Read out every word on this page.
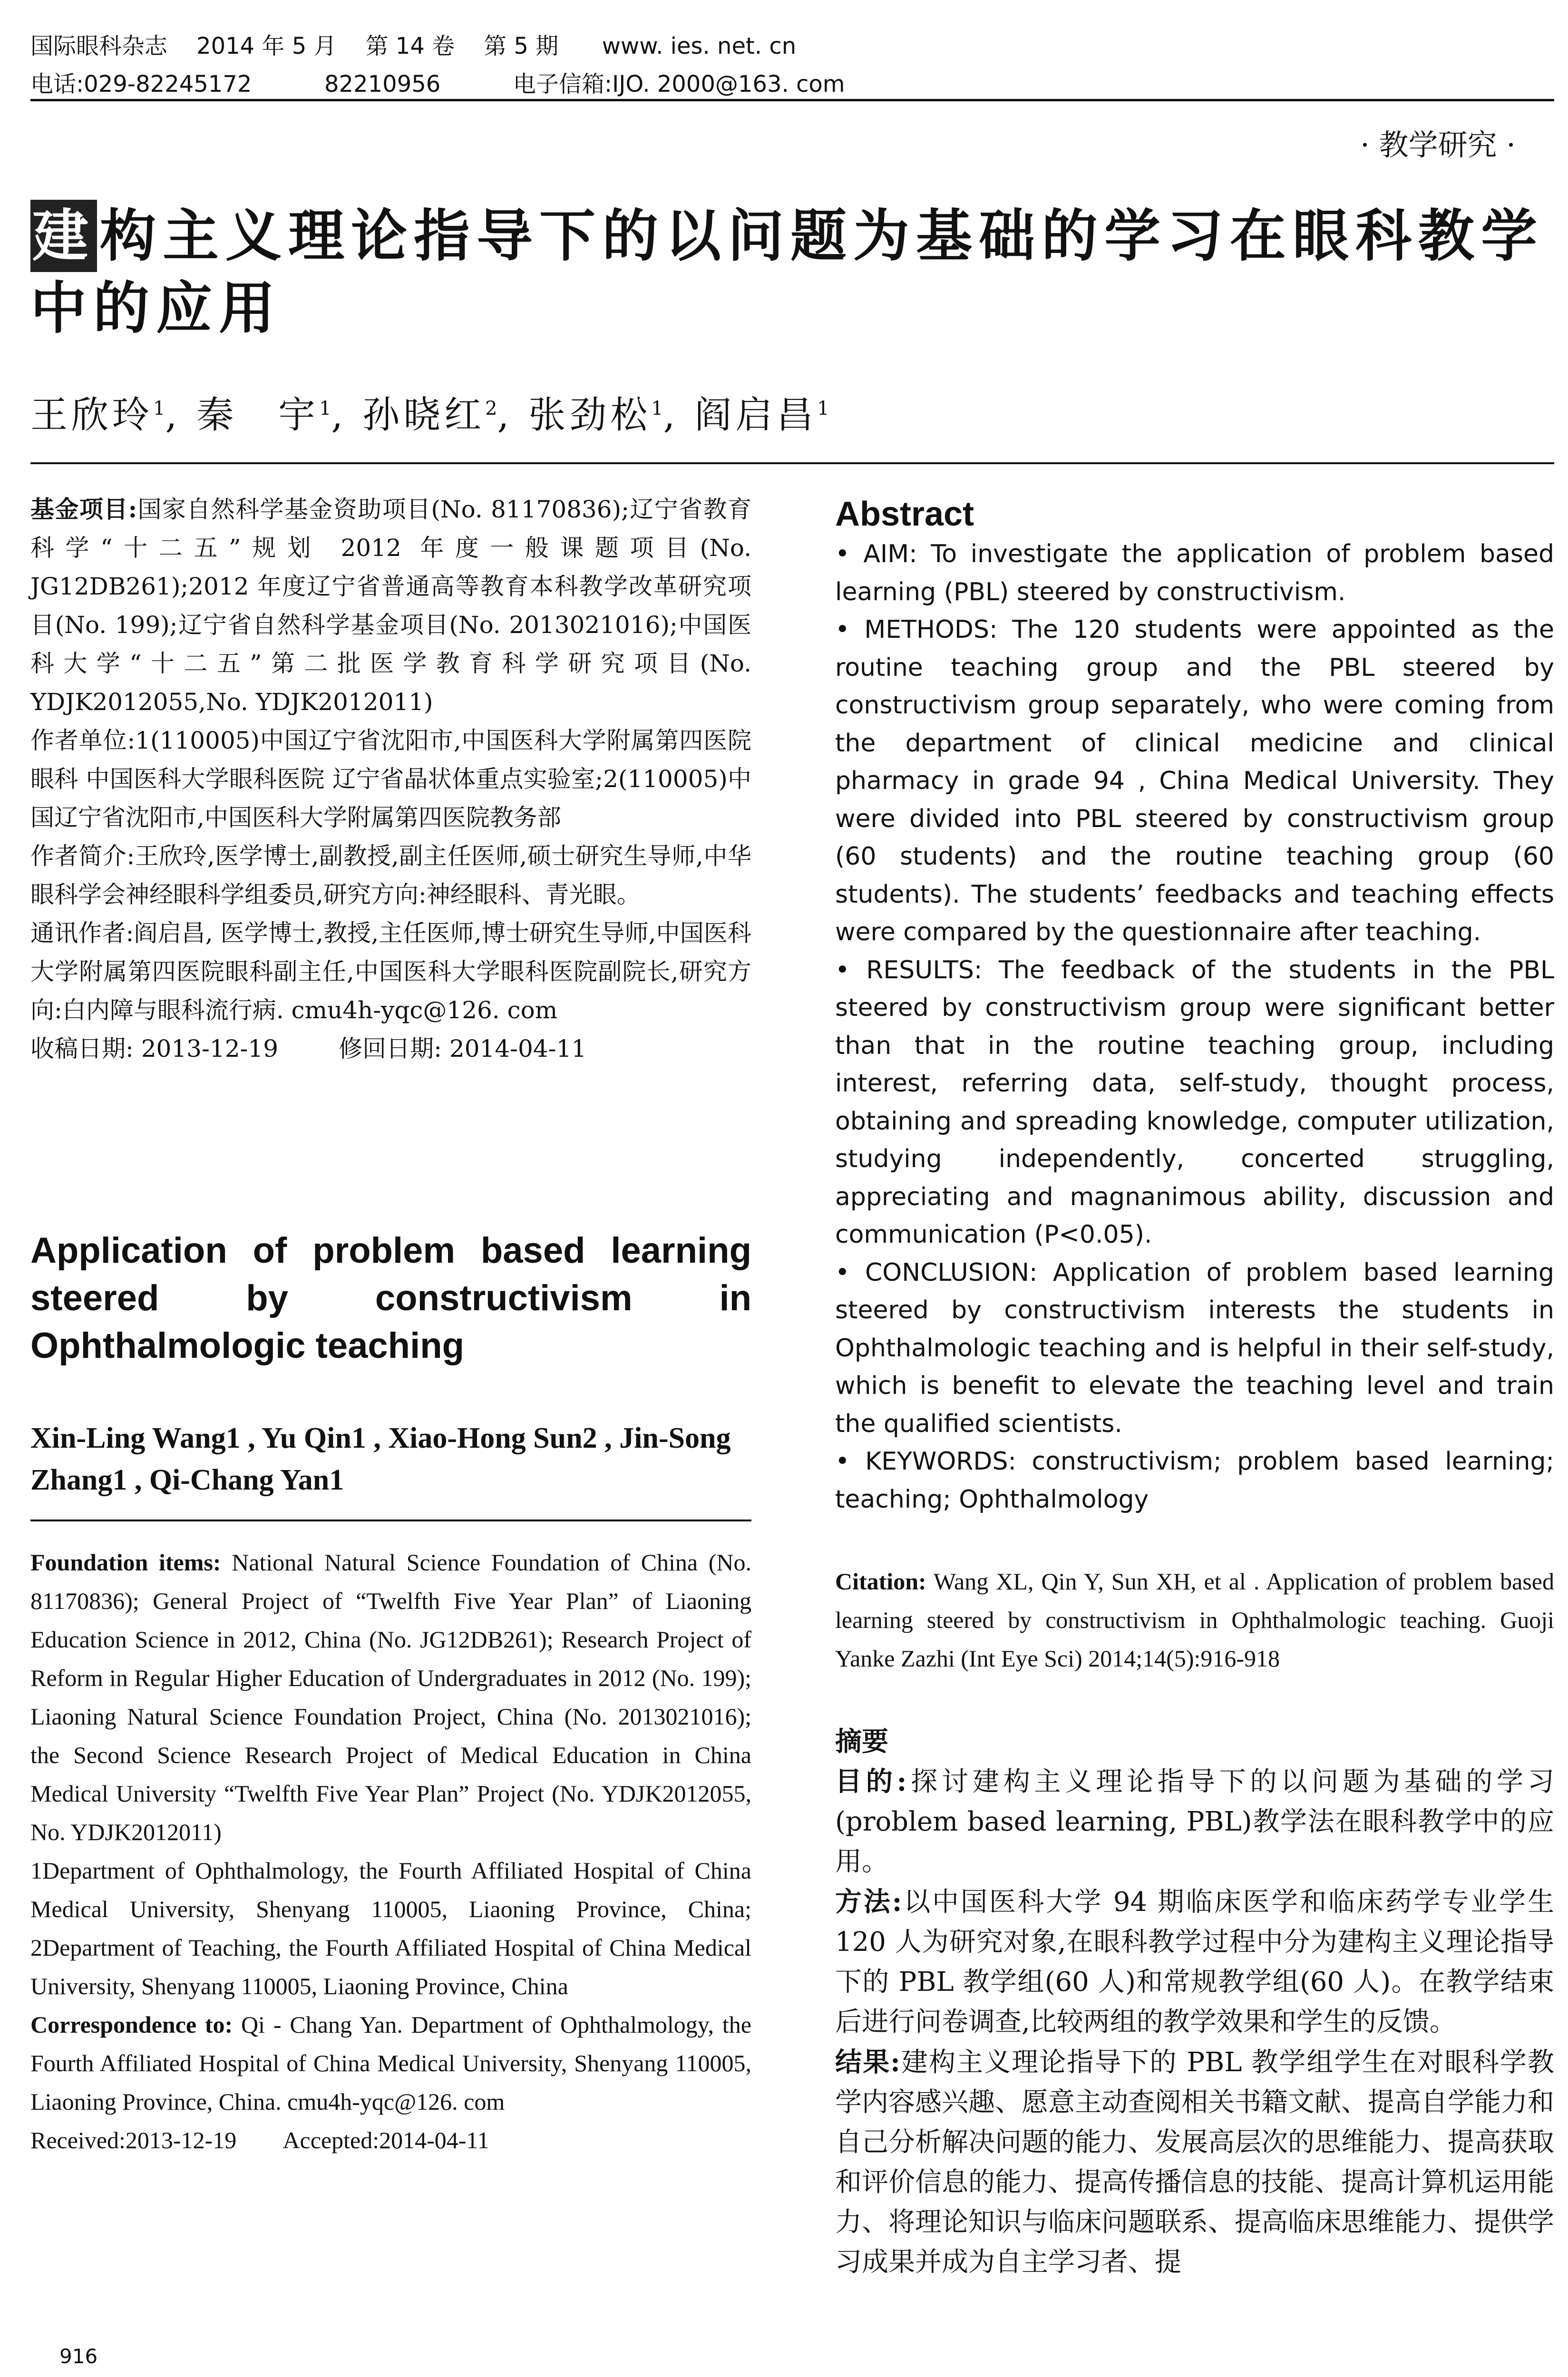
国际眼科杂志    2014 年 5 月    第 14 卷    第 5 期      www. ies. net. cn
电话:029-82245172          82210956          电子信箱:IJO. 2000@163. com
· 教学研究 ·
建构主义理论指导下的以问题为基础的学习在眼科教学
中的应用
王欣玲$^1$, 秦　宇$^1$, 孙晓红$^2$, 张劲松$^1$, 阎启昌$^1$
基金项目:国家自然科学基金资助项目(No. 81170836);辽宁省教育科学“十二五”规划 2012 年度一般课题项目(No. JG12DB261);2012 年度辽宁省普通高等教育本科教学改革研究项目(No. 199);辽宁省自然科学基金项目(No. 2013021016);中国医科大学“十二五”第二批医学教育科学研究项目(No. YDJK2012055,No. YDJK2012011)
作者单位:1(110005)中国辽宁省沈阳市,中国医科大学附属第四医院眼科 中国医科大学眼科医院 辽宁省晶状体重点实验室;2(110005)中国辽宁省沈阳市,中国医科大学附属第四医院教务部
作者简介:王欣玲,医学博士,副教授,副主任医师,硕士研究生导师,中华眼科学会神经眼科学组委员,研究方向:神经眼科、青光眼。
通讯作者:阎启昌, 医学博士,教授,主任医师,博士研究生导师,中国医科大学附属第四医院眼科副主任,中国医科大学眼科医院副院长,研究方向:白内障与眼科流行病. cmu4h-yqc@126. com
收稿日期: 2013-12-19        修回日期: 2014-04-11
Application of problem based learning
steered by constructivism in
Ophthalmologic teaching
Xin-Ling Wang1 , Yu Qin1 , Xiao-Hong Sun2 , Jin-Song Zhang1 , Qi-Chang Yan1
Foundation items: National Natural Science Foundation of China (No. 81170836); General Project of “Twelfth Five Year Plan” of Liaoning Education Science in 2012, China (No. JG12DB261); Research Project of Reform in Regular Higher Education of Undergraduates in 2012 (No. 199); Liaoning Natural Science Foundation Project, China (No. 2013021016); the Second Science Research Project of Medical Education in China Medical University “Twelfth Five Year Plan” Project (No. YDJK2012055, No. YDJK2012011)
1Department of Ophthalmology, the Fourth Affiliated Hospital of China Medical University, Shenyang 110005, Liaoning Province, China; 2Department of Teaching, the Fourth Affiliated Hospital of China Medical University, Shenyang 110005, Liaoning Province, China
Correspondence to: Qi - Chang Yan. Department of Ophthalmology, the Fourth Affiliated Hospital of China Medical University, Shenyang 110005, Liaoning Province, China. cmu4h-yqc@126. com
Received:2013-12-19        Accepted:2014-04-11
Abstract

• AIM: To investigate the application of problem based learning (PBL) steered by constructivism.

• METHODS: The 120 students were appointed as the routine teaching group and the PBL steered by constructivism group separately, who were coming from the department of clinical medicine and clinical pharmacy in grade 94 , China Medical University. They were divided into PBL steered by constructivism group (60 students) and the routine teaching group (60 students). The students’ feedbacks and teaching effects were compared by the questionnaire after teaching.

• RESULTS: The feedback of the students in the PBL steered by constructivism group were significant better than that in the routine teaching group, including interest, referring data, self-study, thought process, obtaining and spreading knowledge, computer utilization, studying independently, concerted struggling, appreciating and magnanimous ability, discussion and communication (P<0.05).

• CONCLUSION: Application of problem based learning steered by constructivism interests the students in Ophthalmologic teaching and is helpful in their self-study, which is benefit to elevate the teaching level and train the qualified scientists.

• KEYWORDS: constructivism; problem based learning; teaching; Ophthalmology

Citation: Wang XL, Qin Y, Sun XH, et al . Application of problem based learning steered by constructivism in Ophthalmologic teaching. Guoji Yanke Zazhi (Int Eye Sci) 2014;14(5):916-918
摘要
目的:探讨建构主义理论指导下的以问题为基础的学习(problem based learning, PBL)教学法在眼科教学中的应用。
方法:以中国医科大学 94 期临床医学和临床药学专业学生 120 人为研究对象,在眼科教学过程中分为建构主义理论指导下的 PBL 教学组(60 人)和常规教学组(60 人)。在教学结束后进行问卷调查,比较两组的教学效果和学生的反馈。
结果:建构主义理论指导下的 PBL 教学组学生在对眼科学教学内容感兴趣、愿意主动查阅相关书籍文献、提高自学能力和自己分析解决问题的能力、发展高层次的思维能力、提高获取和评价信息的能力、提高传播信息的技能、提高计算机运用能力、将理论知识与临床问题联系、提高临床思维能力、提供学习成果并成为自主学习者、提
916
